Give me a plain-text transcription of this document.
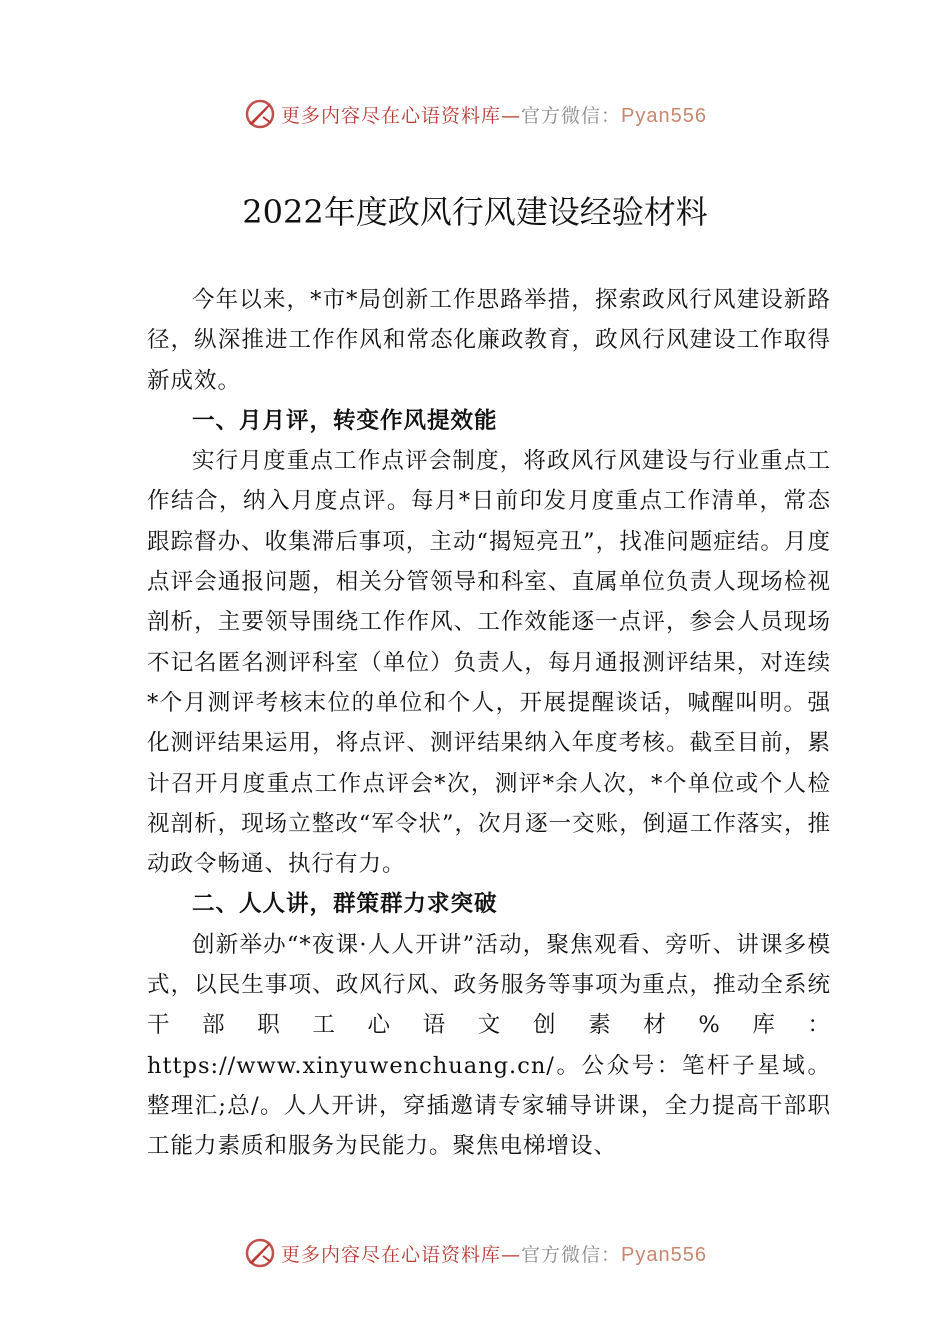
更多内容尽在心语资料库—官方微信：Pyan556
2022年度政风行风建设经验材料

今年以来，*市*局创新工作思路举措，探索政风行风建设新路径，纵深推进工作作风和常态化廉政教育，政风行风建设工作取得新成效。

一、月月评，转变作风提效能

实行月度重点工作点评会制度，将政风行风建设与行业重点工作结合，纳入月度点评。每月*日前印发月度重点工作清单，常态跟踪督办、收集滞后事项，主动“揭短亮丑”，找准问题症结。月度点评会通报问题，相关分管领导和科室、直属单位负责人现场检视剖析，主要领导围绕工作作风、工作效能逐一点评，参会人员现场不记名匿名测评科室（单位）负责人，每月通报测评结果，对连续*个月测评考核末位的单位和个人，开展提醒谈话，喊醒叫明。强化测评结果运用，将点评、测评结果纳入年度考核。截至目前，累计召开月度重点工作点评会*次，测评*余人次，*个单位或个人检视剖析，现场立整改“军令状”，次月逐一交账，倒逼工作落实，推动政令畅通、执行有力。

二、人人讲，群策群力求突破

创新举办“*夜课·人人开讲”活动，聚焦观看、旁听、讲课多模式，以民生事项、政风行风、政务服务等事项为重点，推动全系统干部职工心语文创素材%库：https://www.xinyuwenchuang.cn/。公众号：笔杆子星域。整理汇;总/。人人开讲，穿插邀请专家辅导讲课，全力提高干部职工能力素质和服务为民能力。聚焦电梯增设、

更多内容尽在心语资料库—官方微信：Pyan556
